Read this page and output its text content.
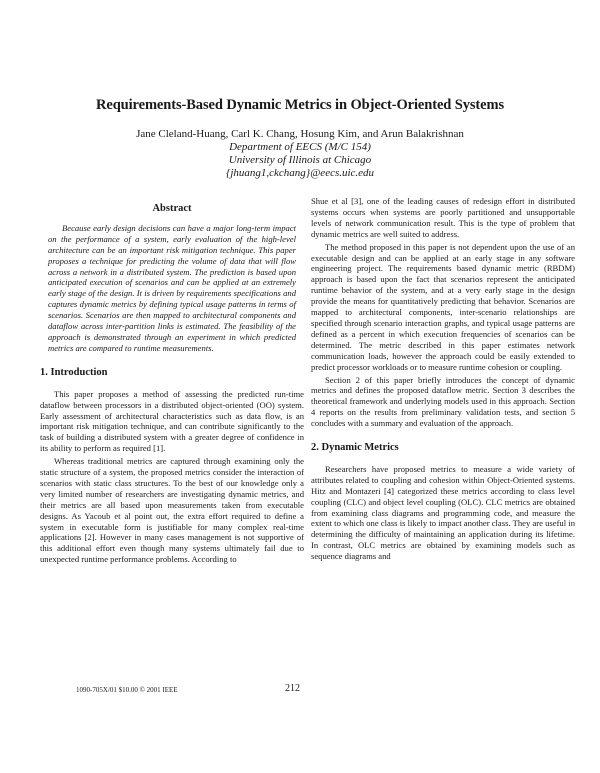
Requirements-Based Dynamic Metrics in Object-Oriented Systems
Jane Cleland-Huang, Carl K. Chang, Hosung Kim, and Arun Balakrishnan
Department of EECS (M/C 154)
University of Illinois at Chicago
{jhuang1,ckchang}@eecs.uic.edu
Abstract
Because early design decisions can have a major long-term impact on the performance of a system, early evaluation of the high-level architecture can be an important risk mitigation technique. This paper proposes a technique for predicting the volume of data that will flow across a network in a distributed system. The prediction is based upon anticipated execution of scenarios and can be applied at an extremely early stage of the design. It is driven by requirements specifications and captures dynamic metrics by defining typical usage patterns in terms of scenarios. Scenarios are then mapped to architectural components and dataflow across inter-partition links is estimated. The feasibility of the approach is demonstrated through an experiment in which predicted metrics are compared to runtime measurements.
1. Introduction
This paper proposes a method of assessing the predicted run-time dataflow between processors in a distributed object-oriented (OO) system. Early assessment of architectural characteristics such as data flow, is an important risk mitigation technique, and can contribute significantly to the task of building a distributed system with a greater degree of confidence in its ability to perform as required [1].
Whereas traditional metrics are captured through examining only the static structure of a system, the proposed metrics consider the interaction of scenarios with static class structures. To the best of our knowledge only a very limited number of researchers are investigating dynamic metrics, and their metrics are all based upon measurements taken from executable designs. As Yacoub et al point out, the extra effort required to define a system in executable form is justifiable for many complex real-time applications [2]. However in many cases management is not supportive of this additional effort even though many systems ultimately fail due to unexpected runtime performance problems. According to
Shue et al [3], one of the leading causes of redesign effort in distributed systems occurs when systems are poorly partitioned and unsupportable levels of network communication result. This is the type of problem that dynamic metrics are well suited to address.
The method proposed in this paper is not dependent upon the use of an executable design and can be applied at an early stage in any software engineering project. The requirements based dynamic metric (RBDM) approach is based upon the fact that scenarios represent the anticipated runtime behavior of the system, and at a very early stage in the design provide the means for quantitatively predicting that behavior. Scenarios are mapped to architectural components, inter-scenario relationships are specified through scenario interaction graphs, and typical usage patterns are defined as a percent in which execution frequencies of scenarios can be determined. The metric described in this paper estimates network communication loads, however the approach could be easily extended to predict processor workloads or to measure runtime cohesion or coupling.
Section 2 of this paper briefly introduces the concept of dynamic metrics and defines the proposed dataflow metric. Section 3 describes the theoretical framework and underlying models used in this approach. Section 4 reports on the results from preliminary validation tests, and section 5 concludes with a summary and evaluation of the approach.
2. Dynamic Metrics
Researchers have proposed metrics to measure a wide variety of attributes related to coupling and cohesion within Object-Oriented systems. Hitz and Montazeri [4] categorized these metrics according to class level coupling (CLC) and object level coupling (OLC). CLC metrics are obtained from examining class diagrams and programming code, and measure the extent to which one class is likely to impact another class. They are useful in determining the difficulty of maintaining an application during its lifetime. In contrast, OLC metrics are obtained by examining models such as sequence diagrams and
1090-705X/01 $10.00 © 2001 IEEE	212
